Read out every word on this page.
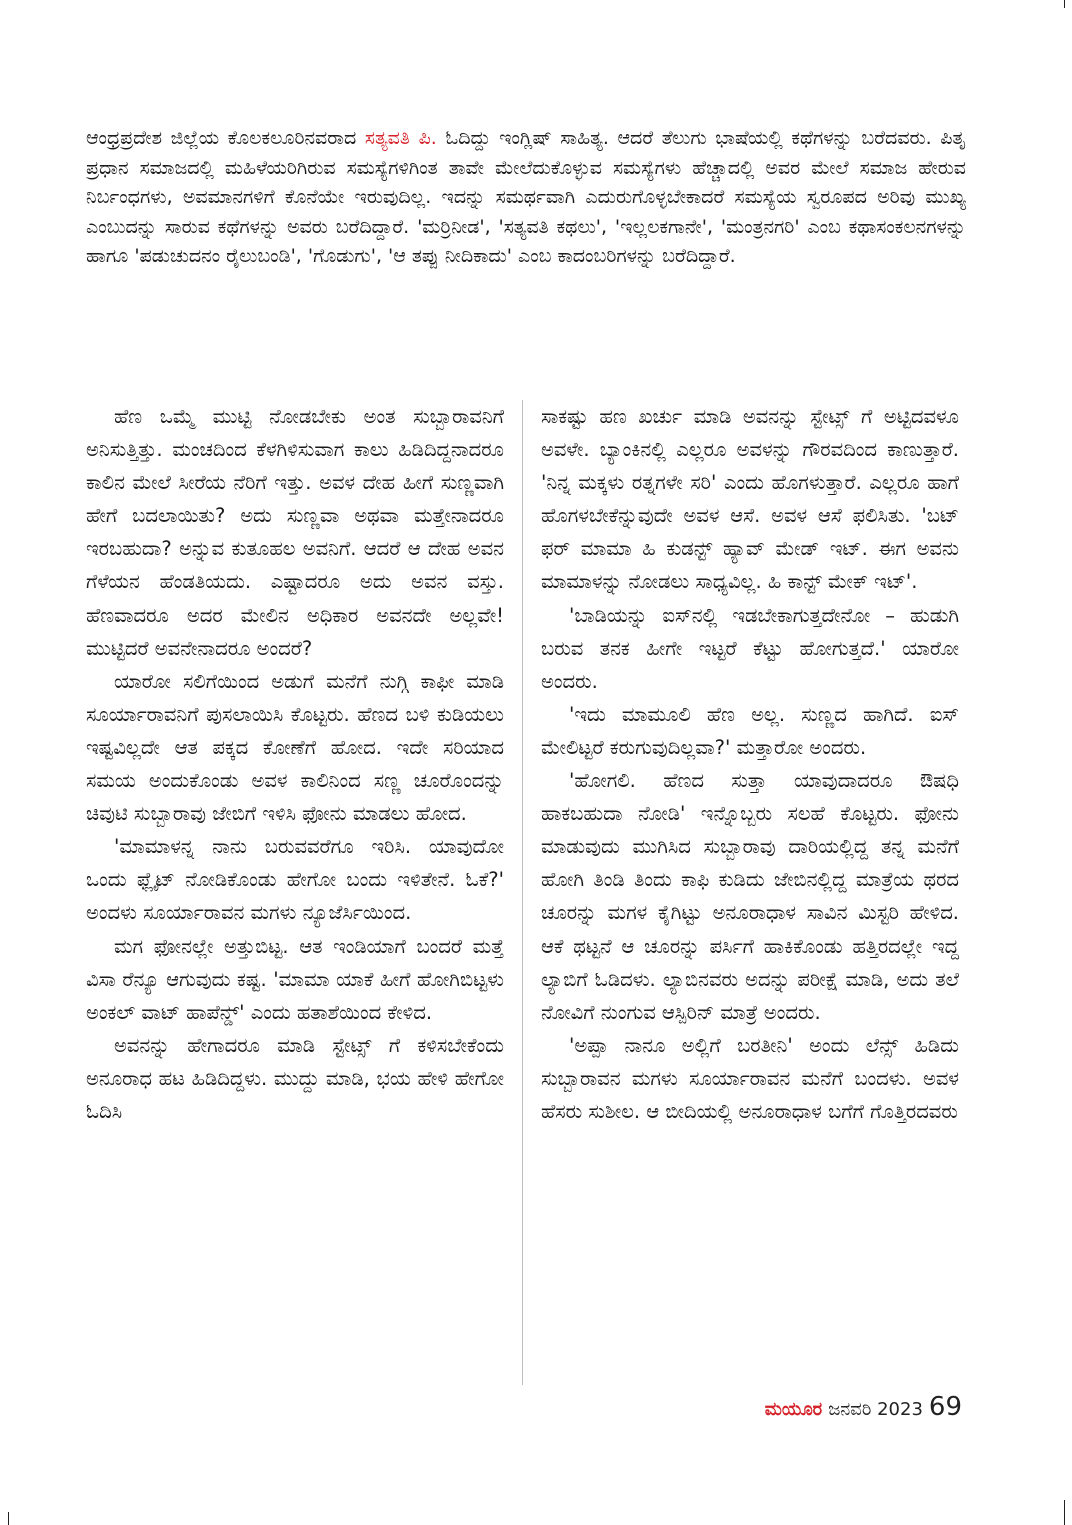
ಆಂಧ್ರಪ್ರದೇಶ ಜಿಲ್ಲೆಯ ಕೊಲಕಲೂರಿನವರಾದ ಸತ್ಯವತಿ ಪಿ. ಓದಿದ್ದು ಇಂಗ್ಲಿಷ್ ಸಾಹಿತ್ಯ. ಆದರೆ ತೆಲುಗು ಭಾಷೆಯಲ್ಲಿ ಕಥೆಗಳನ್ನು ಬರೆದವರು. ಪಿತೃ ಪ್ರಧಾನ ಸಮಾಜದಲ್ಲಿ ಮಹಿಳೆಯರಿಗಿರುವ ಸಮಸ್ಯೆಗಳಿಗಿಂತ ತಾವೇ ಮೇಲೆದುಕೊಳ್ಳುವ ಸಮಸ್ಯೆಗಳು ಹೆಚ್ಚಾದಲ್ಲಿ ಅವರ ಮೇಲೆ ಸಮಾಜ ಹೇರುವ ನಿರ್ಬಂಧಗಳು, ಅವಮಾನಗಳಿಗೆ ಕೊನೆಯೇ ಇರುವುದಿಲ್ಲ. ಇದನ್ನು ಸಮರ್ಥವಾಗಿ ಎದುರುಗೊಳ್ಳಬೇಕಾದರೆ ಸಮಸ್ಯೆಯ ಸ್ವರೂಪದ ಅರಿವು ಮುಖ್ಯ ಎಂಬುದನ್ನು ಸಾರುವ ಕಥೆಗಳನ್ನು ಅವರು ಬರೆದಿದ್ದಾರೆ. 'ಮರ್ರಿನೀಡ', 'ಸತ್ಯವತಿ ಕಥಲು', 'ಇಲ್ಲಲಕಗಾನೇ', 'ಮಂತ್ರನಗರಿ' ಎಂಬ ಕಥಾಸಂಕಲನಗಳನ್ನು ಹಾಗೂ 'ಪಡುಚುದನಂ ರೈಲುಬಂಡಿ', 'ಗೊಡುಗು', 'ಆ ತಪ್ಪು ನೀದಿಕಾದು' ಎಂಬ ಕಾದಂಬರಿಗಳನ್ನು ಬರೆದಿದ್ದಾರೆ.

ಹೆಣ ಒಮ್ಮೆ ಮುಟ್ಟಿ ನೋಡಬೇಕು ಅಂತ ಸುಬ್ಬಾರಾವನಿಗೆ ಅನಿಸುತ್ತಿತ್ತು. ಮಂಚದಿಂದ ಕೆಳಗಿಳಿಸುವಾಗ ಕಾಲು ಹಿಡಿದಿದ್ದನಾದರೂ ಕಾಲಿನ ಮೇಲೆ ಸೀರೆಯ ನೆರಿಗೆ ಇತ್ತು. ಅವಳ ದೇಹ ಹೀಗೆ ಸುಣ್ಣವಾಗಿ ಹೇಗೆ ಬದಲಾಯಿತು? ಅದು ಸುಣ್ಣವಾ ಅಥವಾ ಮತ್ತೇನಾದರೂ ಇರಬಹುದಾ? ಅನ್ನುವ ಕುತೂಹಲ ಅವನಿಗೆ. ಆದರೆ ಆ ದೇಹ ಅವನ ಗೆಳೆಯನ ಹೆಂಡತಿಯದು. ಎಷ್ಟಾದರೂ ಅದು ಅವನ ವಸ್ತು. ಹೆಣವಾದರೂ ಅದರ ಮೇಲಿನ ಅಧಿಕಾರ ಅವನದೇ ಅಲ್ಲವೇ! ಮುಟ್ಟಿದರೆ ಅವನೇನಾದರೂ ಅಂದರೆ?

ಯಾರೋ ಸಲಿಗೆಯಿಂದ ಅಡುಗೆ ಮನೆಗೆ ನುಗ್ಗಿ ಕಾಫೀ ಮಾಡಿ ಸೂರ್ಯಾರಾವನಿಗೆ ಪುಸಲಾಯಿಸಿ ಕೊಟ್ಟರು. ಹೆಣದ ಬಳಿ ಕುಡಿಯಲು ಇಷ್ಟವಿಲ್ಲದೇ ಆತ ಪಕ್ಕದ ಕೋಣೆಗೆ ಹೋದ. ಇದೇ ಸರಿಯಾದ ಸಮಯ ಅಂದುಕೊಂಡು ಅವಳ ಕಾಲಿನಿಂದ ಸಣ್ಣ ಚೂರೊಂದನ್ನು ಚಿವುಟಿ ಸುಬ್ಬಾರಾವು ಜೇಬಿಗೆ ಇಳಿಸಿ ಫೋನು ಮಾಡಲು ಹೋದ.

'ಮಾಮಾಳನ್ನ ನಾನು ಬರುವವರೆಗೂ ಇರಿಸಿ. ಯಾವುದೋ ಒಂದು ಫ್ಲೈಟ್ ನೋಡಿಕೊಂಡು ಹೇಗೋ ಬಂದು ಇಳಿತೇನೆ. ಓಕೆ?' ಅಂದಳು ಸೂರ್ಯಾರಾವನ ಮಗಳು ನ್ಯೂಜೆರ್ಸಿಯಿಂದ.

ಮಗ ಫೋನಲ್ಲೇ ಅತ್ತುಬಿಟ್ಟ. ಆತ ಇಂಡಿಯಾಗೆ ಬಂದರೆ ಮತ್ತೆ ವಿಸಾ ರೆನ್ಯೂ ಆಗುವುದು ಕಷ್ಟ. 'ಮಾಮಾ ಯಾಕೆ ಹೀಗೆ ಹೋಗಿಬಿಟ್ಟಳು ಅಂಕಲ್ ವಾಟ್ ಹಾಪೆನ್ಡ್' ಎಂದು ಹತಾಶೆಯಿಂದ ಕೇಳಿದ.

ಅವನನ್ನು ಹೇಗಾದರೂ ಮಾಡಿ ಸ್ಟೇಟ್ಸ್ ಗೆ ಕಳಿಸಬೇಕೆಂದು ಅನೂರಾಧ ಹಟ ಹಿಡಿದಿದ್ದಳು. ಮುದ್ದು ಮಾಡಿ, ಭಯ ಹೇಳಿ ಹೇಗೋ ಓದಿಸಿ

ಸಾಕಷ್ಟು ಹಣ ಖರ್ಚು ಮಾಡಿ ಅವನನ್ನು ಸ್ಟೇಟ್ಸ್ ಗೆ ಅಟ್ಟಿದವಳೂ ಅವಳೇ. ಬ್ಯಾಂಕಿನಲ್ಲಿ ಎಲ್ಲರೂ ಅವಳನ್ನು ಗೌರವದಿಂದ ಕಾಣುತ್ತಾರೆ. 'ನಿನ್ನ ಮಕ್ಕಳು ರತ್ನಗಳೇ ಸರಿ' ಎಂದು ಹೊಗಳುತ್ತಾರೆ. ಎಲ್ಲರೂ ಹಾಗೆ ಹೊಗಳಬೇಕೆನ್ನುವುದೇ ಅವಳ ಆಸೆ. ಅವಳ ಆಸೆ ಫಲಿಸಿತು. 'ಬಟ್ ಫರ್ ಮಾಮಾ ಹಿ ಕುಡನ್ಟ್ ಹ್ಯಾವ್ ಮೇಡ್ ಇಟ್. ಈಗ ಅವನು ಮಾಮಾಳನ್ನು ನೋಡಲು ಸಾಧ್ಯವಿಲ್ಲ. ಹಿ ಕಾನ್ಟ್ ಮೇಕ್ ಇಟ್'.

'ಬಾಡಿಯನ್ನು ಐಸ್‌ನಲ್ಲಿ ಇಡಬೇಕಾಗುತ್ತದೇನೋ – ಹುಡುಗಿ ಬರುವ ತನಕ ಹೀಗೇ ಇಟ್ಟರೆ ಕೆಟ್ಟು ಹೋಗುತ್ತದೆ.' ಯಾರೋ ಅಂದರು.

'ಇದು ಮಾಮೂಲಿ ಹೆಣ ಅಲ್ಲ. ಸುಣ್ಣದ ಹಾಗಿದೆ. ಐಸ್ ಮೇಲಿಟ್ಟರೆ ಕರುಗುವುದಿಲ್ಲವಾ?' ಮತ್ತಾರೋ ಅಂದರು.

'ಹೋಗಲಿ. ಹೆಣದ ಸುತ್ತಾ ಯಾವುದಾದರೂ ಔಷಧಿ ಹಾಕಬಹುದಾ ನೋಡಿ' ಇನ್ನೊಬ್ಬರು ಸಲಹೆ ಕೊಟ್ಟರು. ಫೋನು ಮಾಡುವುದು ಮುಗಿಸಿದ ಸುಬ್ಬಾರಾವು ದಾರಿಯಲ್ಲಿದ್ದ ತನ್ನ ಮನೆಗೆ ಹೋಗಿ ತಿಂಡಿ ತಿಂದು ಕಾಫಿ ಕುಡಿದು ಜೇಬಿನಲ್ಲಿದ್ದ ಮಾತ್ರೆಯ ಥರದ ಚೂರನ್ನು ಮಗಳ ಕೈಗಿಟ್ಟು ಅನೂರಾಧಾಳ ಸಾವಿನ ಮಿಸ್ಟರಿ ಹೇಳಿದ. ಆಕೆ ಥಟ್ಟನೆ ಆ ಚೂರನ್ನು ಪರ್ಸಿಗೆ ಹಾಕಿಕೊಂಡು ಹತ್ತಿರದಲ್ಲೇ ಇದ್ದ ಲ್ಯಾಬಿಗೆ ಓಡಿದಳು. ಲ್ಯಾಬಿನವರು ಅದನ್ನು ಪರೀಕ್ಷೆ ಮಾಡಿ, ಅದು ತಲೆ ನೋವಿಗೆ ನುಂಗುವ ಆಸ್ಪಿರಿನ್ ಮಾತ್ರೆ ಅಂದರು.

'ಅಪ್ಪಾ ನಾನೂ ಅಲ್ಲಿಗೆ ಬರತೀನಿ' ಅಂದು ಲೆನ್ಸ್ ಹಿಡಿದು ಸುಬ್ಬಾರಾವನ ಮಗಳು ಸೂರ್ಯಾರಾವನ ಮನೆಗೆ ಬಂದಳು. ಅವಳ ಹೆಸರು ಸುಶೀಲ. ಆ ಬೀದಿಯಲ್ಲಿ ಅನೂರಾಧಾಳ ಬಗೆಗೆ ಗೊತ್ತಿರದವರು

ಮಯೂರ ಜನವರಿ 2023 69
